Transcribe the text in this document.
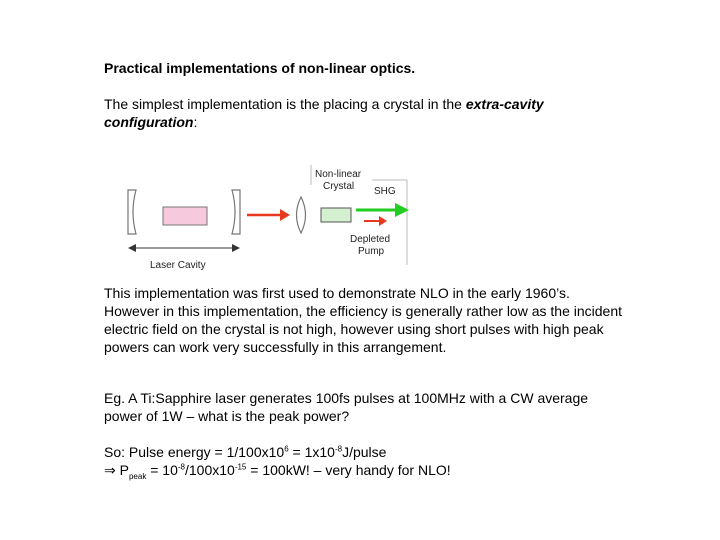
Practical implementations of non-linear optics.
The simplest implementation is the placing a crystal in the extra-cavity configuration:
Non-linear
Crystal SHG
Depleted
Pump
Laser Cavity
This implementation was first used to demonstrate NLO in the early 1960’s. However in this implementation, the efficiency is generally rather low as the incident electric field on the crystal is not high, however using short pulses with high peak powers can work very successfully in this arrangement.
Eg. A Ti:Sapphire laser generates 100fs pulses at 100MHz with a CW average power of 1W – what is the peak power?
So: Pulse energy = $1/100x10^6$ = $1x10^{-8}J$/pulse
⇒ $P_{peak} = 10^{-8}/100x10^{-15} = 100kW$! – very handy for NLO!
